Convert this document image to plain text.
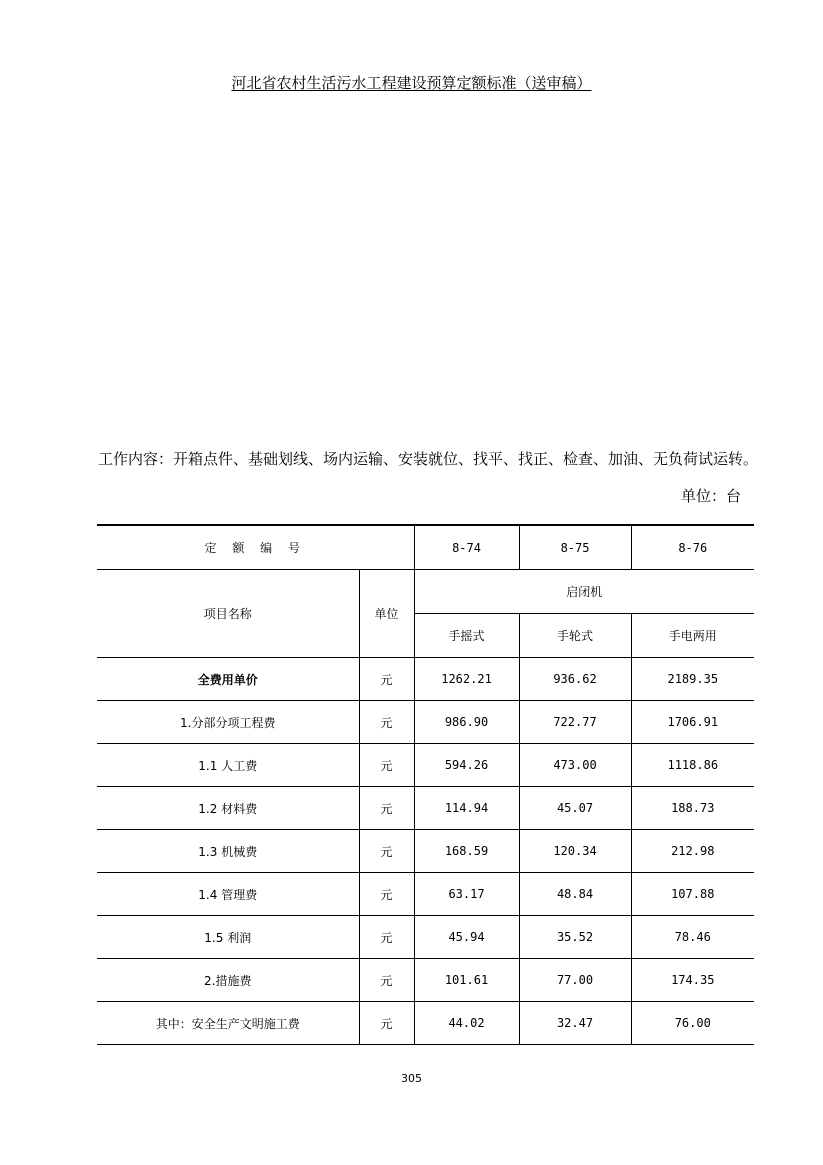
河北省农村生活污水工程建设预算定额标准（送审稿）
工作内容：开箱点件、基础划线、场内运输、安装就位、找平、找正、检查、加油、无负荷试运转。
单位：台
定 额 编 号		8-74	8-75	8-76
项目名称	单位	启闭机		
		手摇式	手轮式	手电两用
全费用单价	元	1262.21	936.62	2189.35
1.分部分项工程费	元	986.90	722.77	1706.91
1.1 人工费	元	594.26	473.00	1118.86
1.2 材料费	元	114.94	45.07	188.73
1.3 机械费	元	168.59	120.34	212.98
1.4 管理费	元	63.17	48.84	107.88
1.5 利润	元	45.94	35.52	78.46
2.措施费	元	101.61	77.00	174.35
其中：安全生产文明施工费	元	44.02	32.47	76.00
305
